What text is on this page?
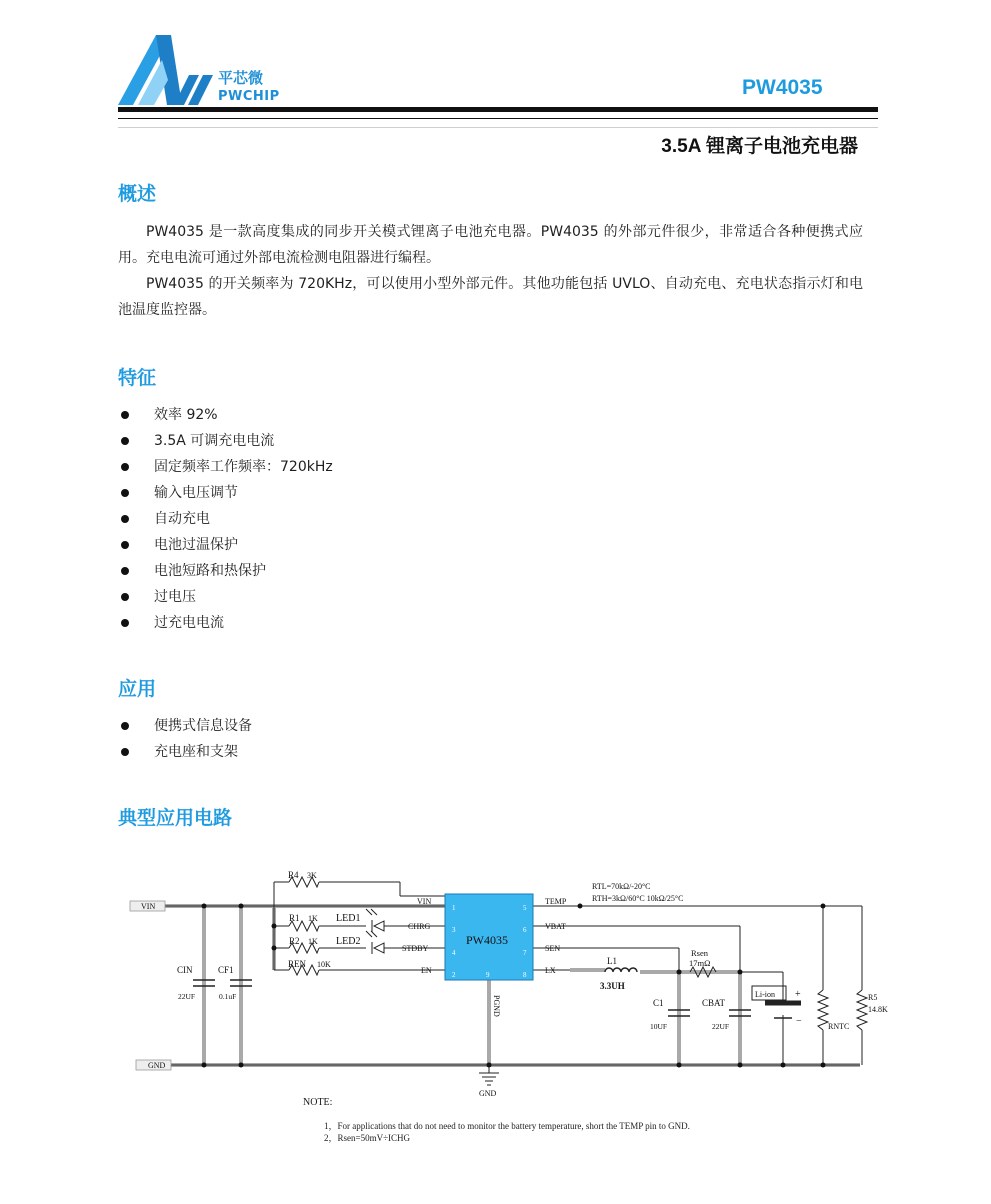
平芯微
PWCHIP	PW4035
3.5A 锂离子电池充电器
概述
PW4035 是一款高度集成的同步开关模式锂离子电池充电器。PW4035 的外部元件很少，非常适合各种便携式应用。充电电流可通过外部电流检测电阻器进行编程。
PW4035 的开关频率为 720KHz，可以使用小型外部元件。其他功能包括 UVLO、自动充电、充电状态指示灯和电池温度监控器。
特征
效率 92%
3.5A 可调充电电流
固定频率工作频率：720kHz
输入电压调节
自动充电
电池过温保护
电池短路和热保护
过电压
过充电电流
应用
便携式信息设备
充电座和支架
典型应用电路
VIN
GND
R4 3K
R1 1K LED1
R2 1K LED2
REN 10K
CIN
22UF
CF1
0.1uF
VIN
CHRG
STDBY
EN
TEMP
VBAT
SEN
LX
PGND
1
3
4
2
5
6
7
8
9
PW4035
RTL=70kΩ/-20°C
RTH=3kΩ/60°C 10kΩ/25°C
Rsen
17mΩ
L1
3.3UH
C1
10UF
CBAT
22UF
Li-ion +
−
R5
14.8K
RNTC
GND
NOTE:
1，For applications that do not need to monitor the battery temperature, short the TEMP pin to GND.
2，Rsen=50mV÷ICHG
